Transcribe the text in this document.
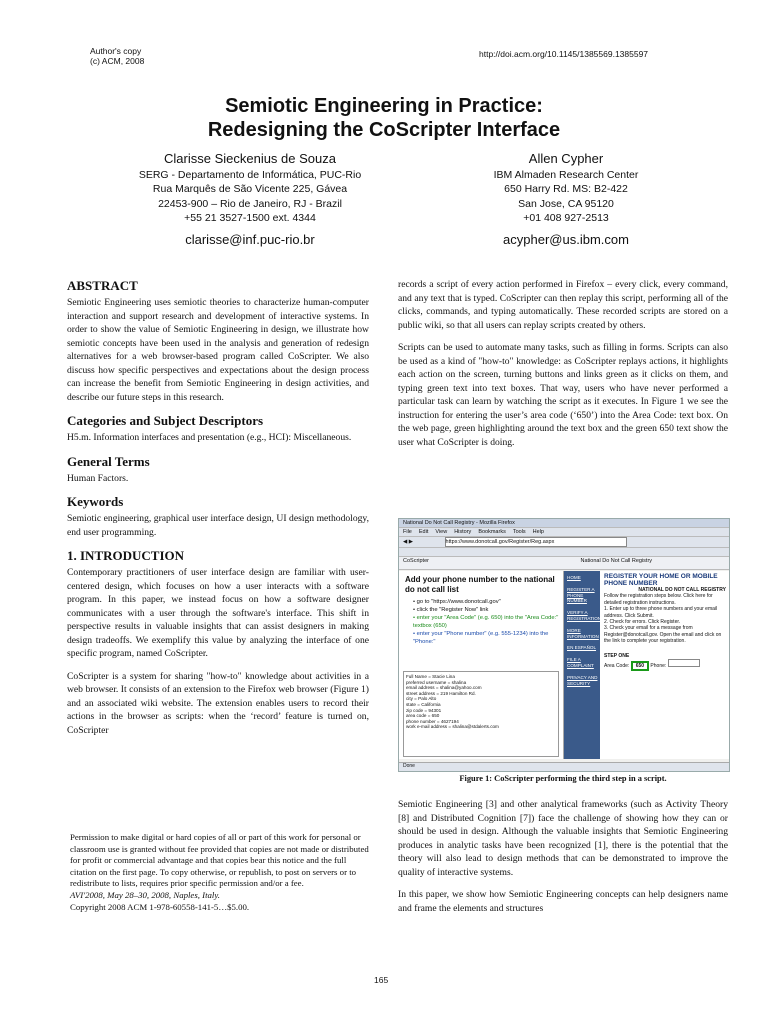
Author's copy
(c) ACM, 2008
http://doi.acm.org/10.1145/1385569.1385597
Semiotic Engineering in Practice:
Redesigning the CoScripter Interface
Clarisse Sieckenius de Souza
SERG - Departamento de Informática, PUC-Rio
Rua Marquês de São Vicente 225, Gávea
22453-900 – Rio de Janeiro, RJ - Brazil
+55 21 3527-1500 ext. 4344
clarisse@inf.puc-rio.br
Allen Cypher
IBM Almaden Research Center
650 Harry Rd. MS: B2-422
San Jose, CA 95120
+01 408 927-2513
acypher@us.ibm.com
ABSTRACT

Semiotic Engineering uses semiotic theories to characterize human-computer interaction and support research and development of interactive systems. In order to show the value of Semiotic Engineering in design, we illustrate how semiotic concepts have been used in the analysis and generation of redesign alternatives for a web browser-based program called CoScripter. We also discuss how specific perspectives and expectations about the design process can increase the benefit from Semiotic Engineering in design activities, and describe our future steps in this research.

Categories and Subject Descriptors

H5.m. Information interfaces and presentation (e.g., HCI): Miscellaneous.

General Terms

Human Factors.

Keywords

Semiotic engineering, graphical user interface design, UI design methodology, end user programming.

1. INTRODUCTION

Contemporary practitioners of user interface design are familiar with user-centered design, which focuses on how a user interacts with a software program. In this paper, we instead focus on how a software designer communicates with a user through the software's interface. This shift in perspective results in valuable insights that can assist designers in making design tradeoffs. We exemplify this value by analyzing the interface of one specific program, named CoScripter.

CoScripter is a system for sharing "how-to" knowledge about activities in a web browser. It consists of an extension to the Firefox web browser (Figure 1) and an associated wiki website. The extension enables users to record their actions in the browser as scripts: when the ‘record’ feature is turned on, CoScripter

Permission to make digital or hard copies of all or part of this work for personal or classroom use is granted without fee provided that copies are not made or distributed for profit or commercial advantage and that copies bear this notice and the full citation on the first page. To copy otherwise, or republish, to post on servers or to redistribute to lists, requires prior specific permission and/or a fee.
AVI'2008, May 28–30, 2008, Naples, Italy.
Copyright 2008 ACM 1-978-60558-141-5…$5.00.

records a script of every action performed in Firefox – every click, every command, and any text that is typed. CoScripter can then replay this script, performing all of the clicks, commands, and typing automatically. These recorded scripts are stored on a public wiki, so that all users can replay scripts created by others.

Scripts can be used to automate many tasks, such as filling in forms. Scripts can also be used as a kind of "how-to" knowledge: as CoScripter replays actions, it highlights each action on the screen, turning buttons and links green as it clicks on them, and typing green text into text boxes. That way, users who have never performed a particular task can learn by watching the script as it executes. In Figure 1 we see the instruction for entering the user’s area code (‘650’) into the Area Code: text box. On the web page, green highlighting around the text box and the green 650 text show the user what CoScripter is doing.

National Do Not Call Registry - Mozilla Firefox
File Edit View History Bookmarks Tools Help
◀ ▶	https://www.donotcall.gov/Register/Reg.aspx
CoScripter	National Do Not Call Registry
Add your phone number to the national do not call list
• go to "https://www.donotcall.gov"
• click the "Register Now" link
• enter your "Area Code" (e.g. 650) into the "Area Code:" textbox (650)
• enter your "Phone number" (e.g. 555-1234) into the "Phone:"
Full Name = Stacie Lina
preferred username = shalina
email address = shalina@yahoo.com
street address = 219 Hamilton Rd.
city = Palo Alto
state = California
zip code = 94301
area code = 650
phone number = 4627194
work e-mail address = shalina@stdalerts.com
HOME
REGISTER A PHONE NUMBER
VERIFY A REGISTRATION
MORE INFORMATION
EN ESPAÑOL
FILE A COMPLAINT
PRIVACY AND SECURITY
REGISTER YOUR HOME OR MOBILE PHONE NUMBER
NATIONAL DO NOT CALL REGISTRY
Follow the registration steps below. Click here for detailed registration instructions.
1. Enter up to three phone numbers and your email address. Click Submit.
2. Check for errors. Click Register.
3. Check your email for a message from Register@donotcall.gov. Open the email and click on the link to complete your registration.
STEP ONE
Area Code: 650 Phone:
Done
Figure 1: CoScripter performing the third step in a script.

Semiotic Engineering [3] and other analytical frameworks (such as Activity Theory [8] and Distributed Cognition [7]) face the challenge of showing how they can or should be used in design. Although the valuable insights that Semiotic Engineering produces in analytic tasks have been recognized [1], there is the potential that the theory will also lead to design methods that can be demonstrated to improve the quality of interactive systems.

In this paper, we show how Semiotic Engineering concepts can help designers name and frame the elements and structures

165
